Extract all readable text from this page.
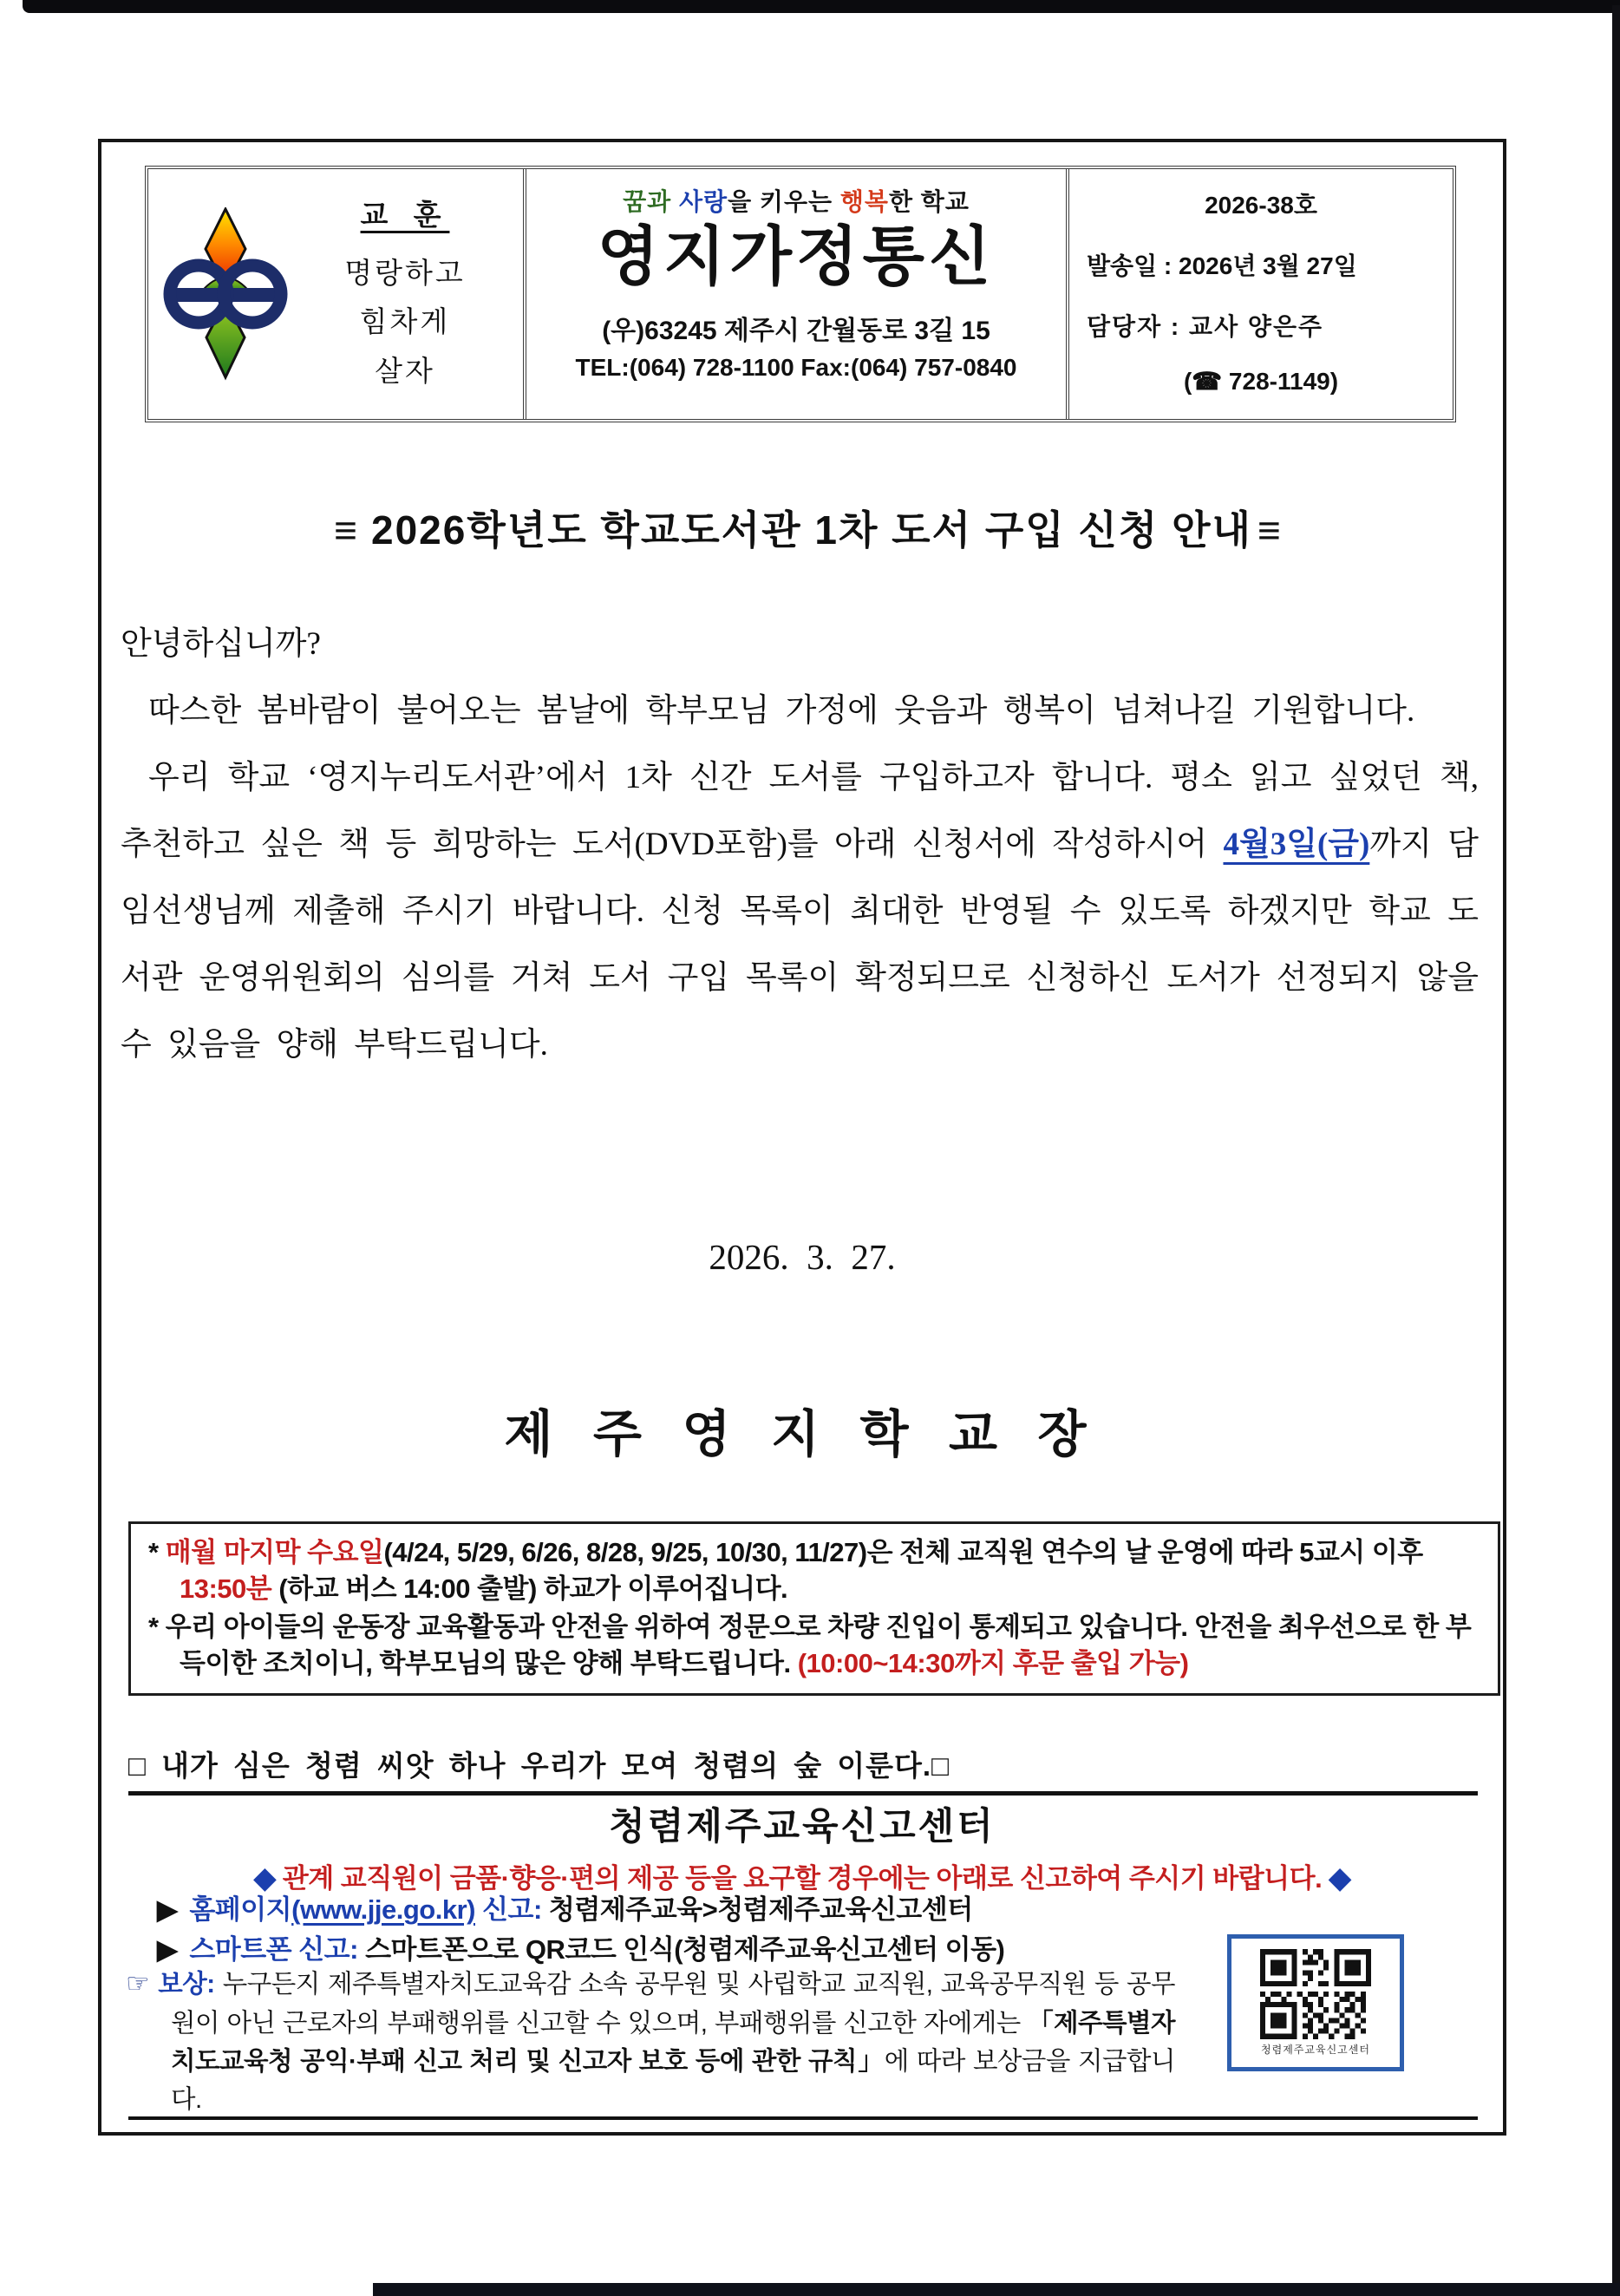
교 훈
명랑하고
힘차게
살자
꿈과 사랑을 키우는 행복한 학교
영지가정통신
(우)63245 제주시 간월동로 3길 15
TEL:(064) 728-1100 Fax:(064) 757-0840
2026-38호
발송일 : 2026년 3월 27일
담당자 : 교사 양은주
(☎ 728-1149)
≡ 2026학년도 학교도서관 1차 도서 구입 신청 안내 ≡

안녕하십니까?

따스한 봄바람이 불어오는 봄날에 학부모님 가정에 웃음과 행복이 넘쳐나길 기원합니다.

우리 학교 ‘영지누리도서관’에서 1차 신간 도서를 구입하고자 합니다. 평소 읽고 싶었던 책, 추천하고 싶은 책 등 희망하는 도서(DVD포함)를 아래 신청서에 작성하시어 4월3일(금)까지 담임선생님께 제출해 주시기 바랍니다. 신청 목록이 최대한 반영될 수 있도록 하겠지만 학교 도서관 운영위원회의 심의를 거쳐 도서 구입 목록이 확정되므로 신청하신 도서가 선정되지 않을 수 있음을 양해 부탁드립니다.

2026.  3.  27.
제 주 영 지 학 교 장

* 매월 마지막 수요일(4/24, 5/29, 6/26, 8/28, 9/25, 10/30, 11/27)은 전체 교직원 연수의 날 운영에 따라 5교시 이후 13:50분 (하교 버스 14:00 출발) 하교가 이루어집니다.

* 우리 아이들의 운동장 교육활동과 안전을 위하여 정문으로 차량 진입이 통제되고 있습니다. 안전을 최우선으로 한 부득이한 조치이니, 학부모님의 많은 양해 부탁드립니다. (10:00~14:30까지 후문 출입 가능)

□ 내가 심은 청렴 씨앗 하나 우리가 모여 청렴의 숲 이룬다.□
청렴제주교육신고센터
◆ 관계 교직원이 금품·향응·편의 제공 등을 요구할 경우에는 아래로 신고하여 주시기 바랍니다. ◆
▶ 홈페이지(www.jje.go.kr) 신고: 청렴제주교육>청렴제주교육신고센터
▶ 스마트폰 신고: 스마트폰으로 QR코드 인식(청렴제주교육신고센터 이동)

☞ 보상: 누구든지 제주특별자치도교육감 소속 공무원 및 사립학교 교직원, 교육공무직원 등 공무원이 아닌 근로자의 부패행위를 신고할 수 있으며, 부패행위를 신고한 자에게는 「제주특별자치도교육청 공익·부패 신고 처리 및 신고자 보호 등에 관한 규칙」에 따라 보상금을 지급합니다.

청렴제주교육신고센터
